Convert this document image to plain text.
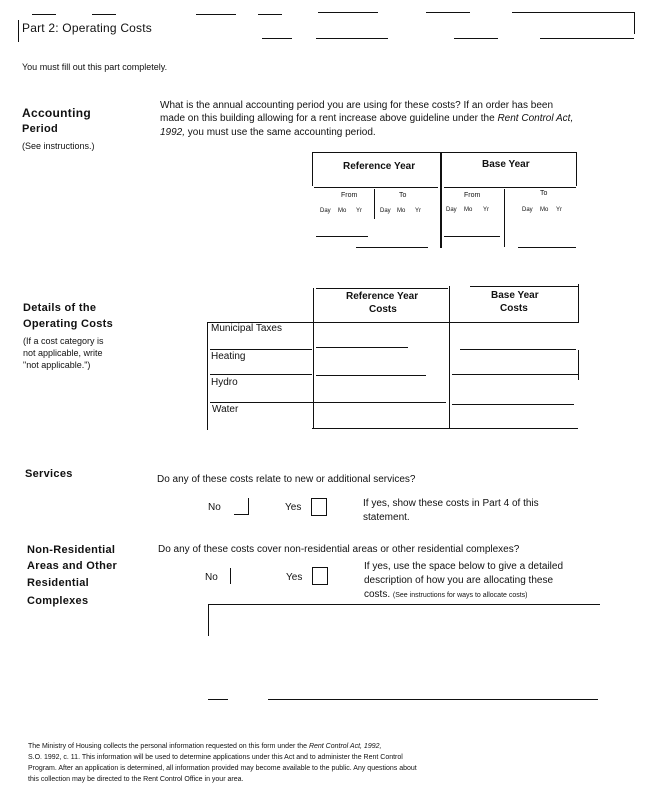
Part 2: Operating Costs
You must fill out this part completely.
Accounting
Period
(See instructions.)
What is the annual accounting period you are using for these costs? If an order has been
made on this building allowing for a rent increase above guideline under the Rent Control Act,
1992, you must use the same accounting period.
Reference Year	Base Year
From	To	From	To
Day Mo Yr	Day Mo Yr	Day Mo Yr	Day Mo Yr
Details of the
Operating Costs
(If a cost category is
not applicable, write
"not applicable.")
Reference Year
Costs
Base Year
Costs
Municipal Taxes
Heating
Hydro
Water
Services	Do any of these costs relate to new or additional services?
No	Yes	If yes, show these costs in Part 4 of this
statement.
Non-Residential
Areas and Other
Residential
Complexes
Do any of these costs cover non-residential areas or other residential complexes?
No	Yes
If yes, use the space below to give a detailed
description of how you are allocating these
costs. (See instructions for ways to allocate costs)
The Ministry of Housing collects the personal information requested on this form under the Rent Control Act, 1992,
S.O. 1992, c. 11. This information will be used to determine applications under this Act and to administer the Rent Control
Program. After an application is determined, all information provided may become available to the public. Any questions about
this collection may be directed to the Rent Control Office in your area.
